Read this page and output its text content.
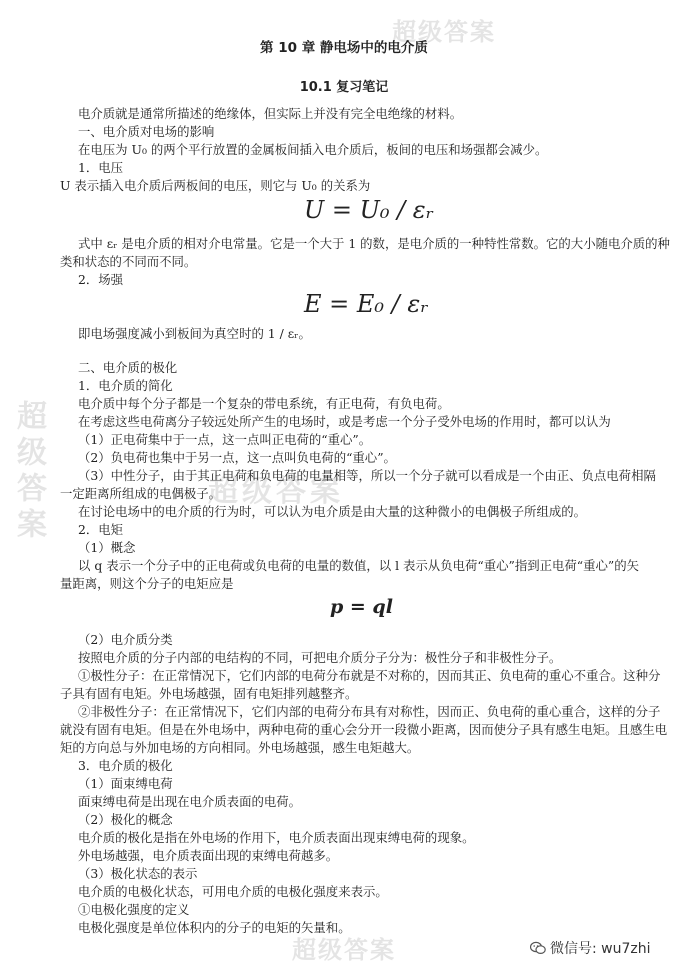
超级答案
超级答案
超级答案	超级答案
第 10 章 静电场中的电介质
10.1 复习笔记
电介质就是通常所描述的绝缘体，但实际上并没有完全电绝缘的材料。
一、电介质对电场的影响
在电压为 U₀ 的两个平行放置的金属板间插入电介质后，板间的电压和场强都会减少。
1．电压
U 表示插入电介质后两板间的电压，则它与 U₀ 的关系为
U = U₀ / εᵣ
式中 εᵣ 是电介质的相对介电常量。它是一个大于 1 的数，是电介质的一种特性常数。它的大小随电介质的种
类和状态的不同而不同。
2．场强
E = E₀ / εᵣ
即电场强度减小到板间为真空时的 1 / εᵣ。
二、电介质的极化
1．电介质的简化
电介质中每个分子都是一个复杂的带电系统，有正电荷，有负电荷。
在考虑这些电荷离分子较远处所产生的电场时，或是考虑一个分子受外电场的作用时，都可以认为
（1）正电荷集中于一点，这一点叫正电荷的“重心”。
（2）负电荷也集中于另一点，这一点叫负电荷的“重心”。
（3）中性分子，由于其正电荷和负电荷的电量相等，所以一个分子就可以看成是一个由正、负点电荷相隔
一定距离所组成的电偶极子。
在讨论电场中的电介质的行为时，可以认为电介质是由大量的这种微小的电偶极子所组成的。
2．电矩
（1）概念
以 q 表示一个分子中的正电荷或负电荷的电量的数值，以 l 表示从负电荷“重心”指到正电荷“重心”的矢
量距离，则这个分子的电矩应是
p = ql
（2）电介质分类
按照电介质的分子内部的电结构的不同，可把电介质分子分为：极性分子和非极性分子。
①极性分子：在正常情况下，它们内部的电荷分布就是不对称的，因而其正、负电荷的重心不重合。这种分
子具有固有电矩。外电场越强，固有电矩排列越整齐。
②非极性分子：在正常情况下，它们内部的电荷分布具有对称性，因而正、负电荷的重心重合，这样的分子
就没有固有电矩。但是在外电场中，两种电荷的重心会分开一段微小距离，因而使分子具有感生电矩。且感生电
矩的方向总与外加电场的方向相同。外电场越强，感生电矩越大。
3．电介质的极化
（1）面束缚电荷
面束缚电荷是出现在电介质表面的电荷。
（2）极化的概念
电介质的极化是指在外电场的作用下，电介质表面出现束缚电荷的现象。
外电场越强，电介质表面出现的束缚电荷越多。
（3）极化状态的表示
电介质的电极化状态，可用电介质的电极化强度来表示。
①电极化强度的定义
电极化强度是单位体积内的分子的电矩的矢量和。
微信号: wu7zhi
